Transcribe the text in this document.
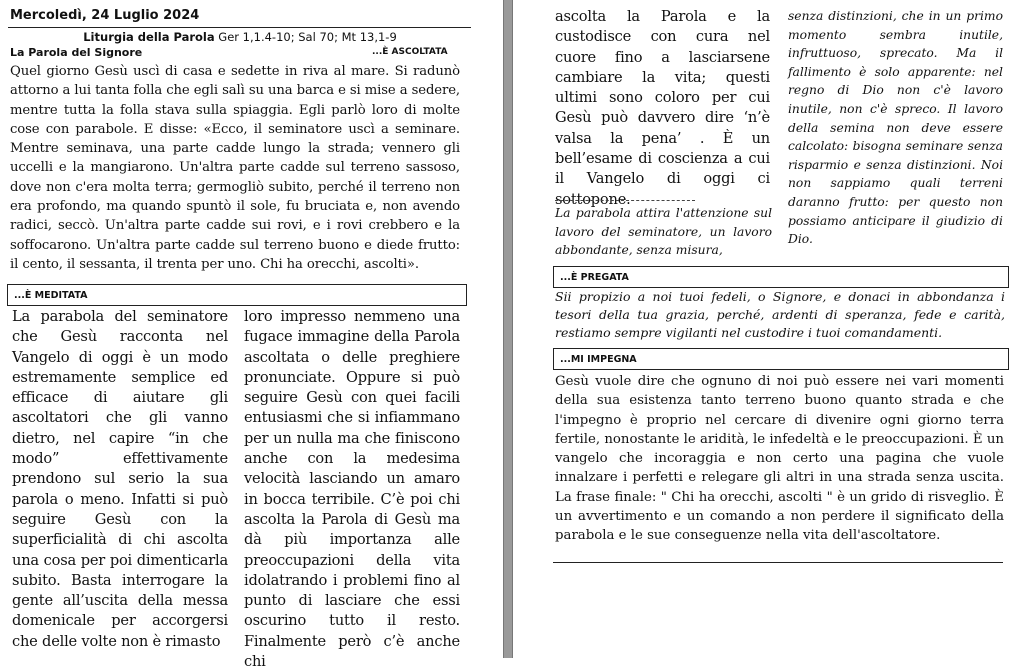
Mercoledì, 24 Luglio 2024
Liturgia della Parola Ger 1,1.4-10; Sal 70; Mt 13,1-9
La Parola del Signore	...È ASCOLTATA

Quel giorno Gesù uscì di casa e sedette in riva al mare. Si radunò attorno a lui tanta folla che egli salì su una barca e si mise a sedere, mentre tutta la folla stava sulla spiaggia. Egli parlò loro di molte cose con parabole. E disse: «Ecco, il seminatore uscì a seminare. Mentre seminava, una parte cadde lungo la strada; vennero gli uccelli e la mangiarono. Un'altra parte cadde sul terreno sassoso, dove non c'era molta terra; germogliò subito, perché il terreno non era profondo, ma quando spuntò il sole, fu bruciata e, non avendo radici, seccò. Un'altra parte cadde sui rovi, e i rovi crebbero e la soffocarono. Un'altra parte cadde sul terreno buono e diede frutto: il cento, il sessanta, il trenta per uno. Chi ha orecchi, ascolti».

...È MEDITATA

La parabola del seminatore che Gesù racconta nel Vangelo di oggi è un modo estremamente semplice ed efficace di aiutare gli ascoltatori che gli vanno dietro, nel capire “in che modo” effettivamente prendono sul serio la sua parola o meno. Infatti si può seguire Gesù con la superficialità di chi ascolta una cosa per poi dimenticarla subito. Basta interrogare la gente all’uscita della messa domenicale per accorgersi che delle volte non è rimasto

loro impresso nemmeno una fugace immagine della Parola ascoltata o delle preghiere pronunciate. Oppure si può seguire Gesù con quei facili entusiasmi che si infiammano per un nulla ma che finiscono anche con la medesima velocità lasciando un amaro in bocca terribile. C’è poi chi ascolta la Parola di Gesù ma dà più importanza alle preoccupazioni della vita idolatrando i problemi fino al punto di lasciare che essi oscurino tutto il resto. Finalmente però c’è anche chi

ascolta la Parola e la custodisce con cura nel cuore fino a lasciarsene cambiare la vita; questi ultimi sono coloro per cui Gesù può davvero dire ‘n’è valsa la pena’ . È un bell’esame di coscienza a cui il Vangelo di oggi ci sottopone.

La parabola attira l'attenzione sul lavoro del seminatore, un lavoro abbondante, senza misura,

senza distinzioni, che in un primo momento sembra inutile, infruttuoso, sprecato. Ma il fallimento è solo apparente: nel regno di Dio non c'è lavoro inutile, non c'è spreco. Il lavoro della semina non deve essere calcolato: bisogna seminare senza risparmio e senza distinzioni. Noi non sappiamo quali terreni daranno frutto: per questo non possiamo anticipare il giudizio di Dio.

...È PREGATA

Sii propizio a noi tuoi fedeli, o Signore, e donaci in abbondanza i tesori della tua grazia, perché, ardenti di speranza, fede e carità, restiamo sempre vigilanti nel custodire i tuoi comandamenti.

...MI IMPEGNA

Gesù vuole dire che ognuno di noi può essere nei vari momenti della sua esistenza tanto terreno buono quanto strada e che l'impegno è proprio nel cercare di divenire ogni giorno terra fertile, nonostante le aridità, le infedeltà e le preoccupazioni. È un vangelo che incoraggia e non certo una pagina che vuole innalzare i perfetti e relegare gli altri in una strada senza uscita. La frase finale: " Chi ha orecchi, ascolti " è un grido di risveglio. È un avvertimento e un comando a non perdere il significato della parabola e le sue conseguenze nella vita dell'ascoltatore.
